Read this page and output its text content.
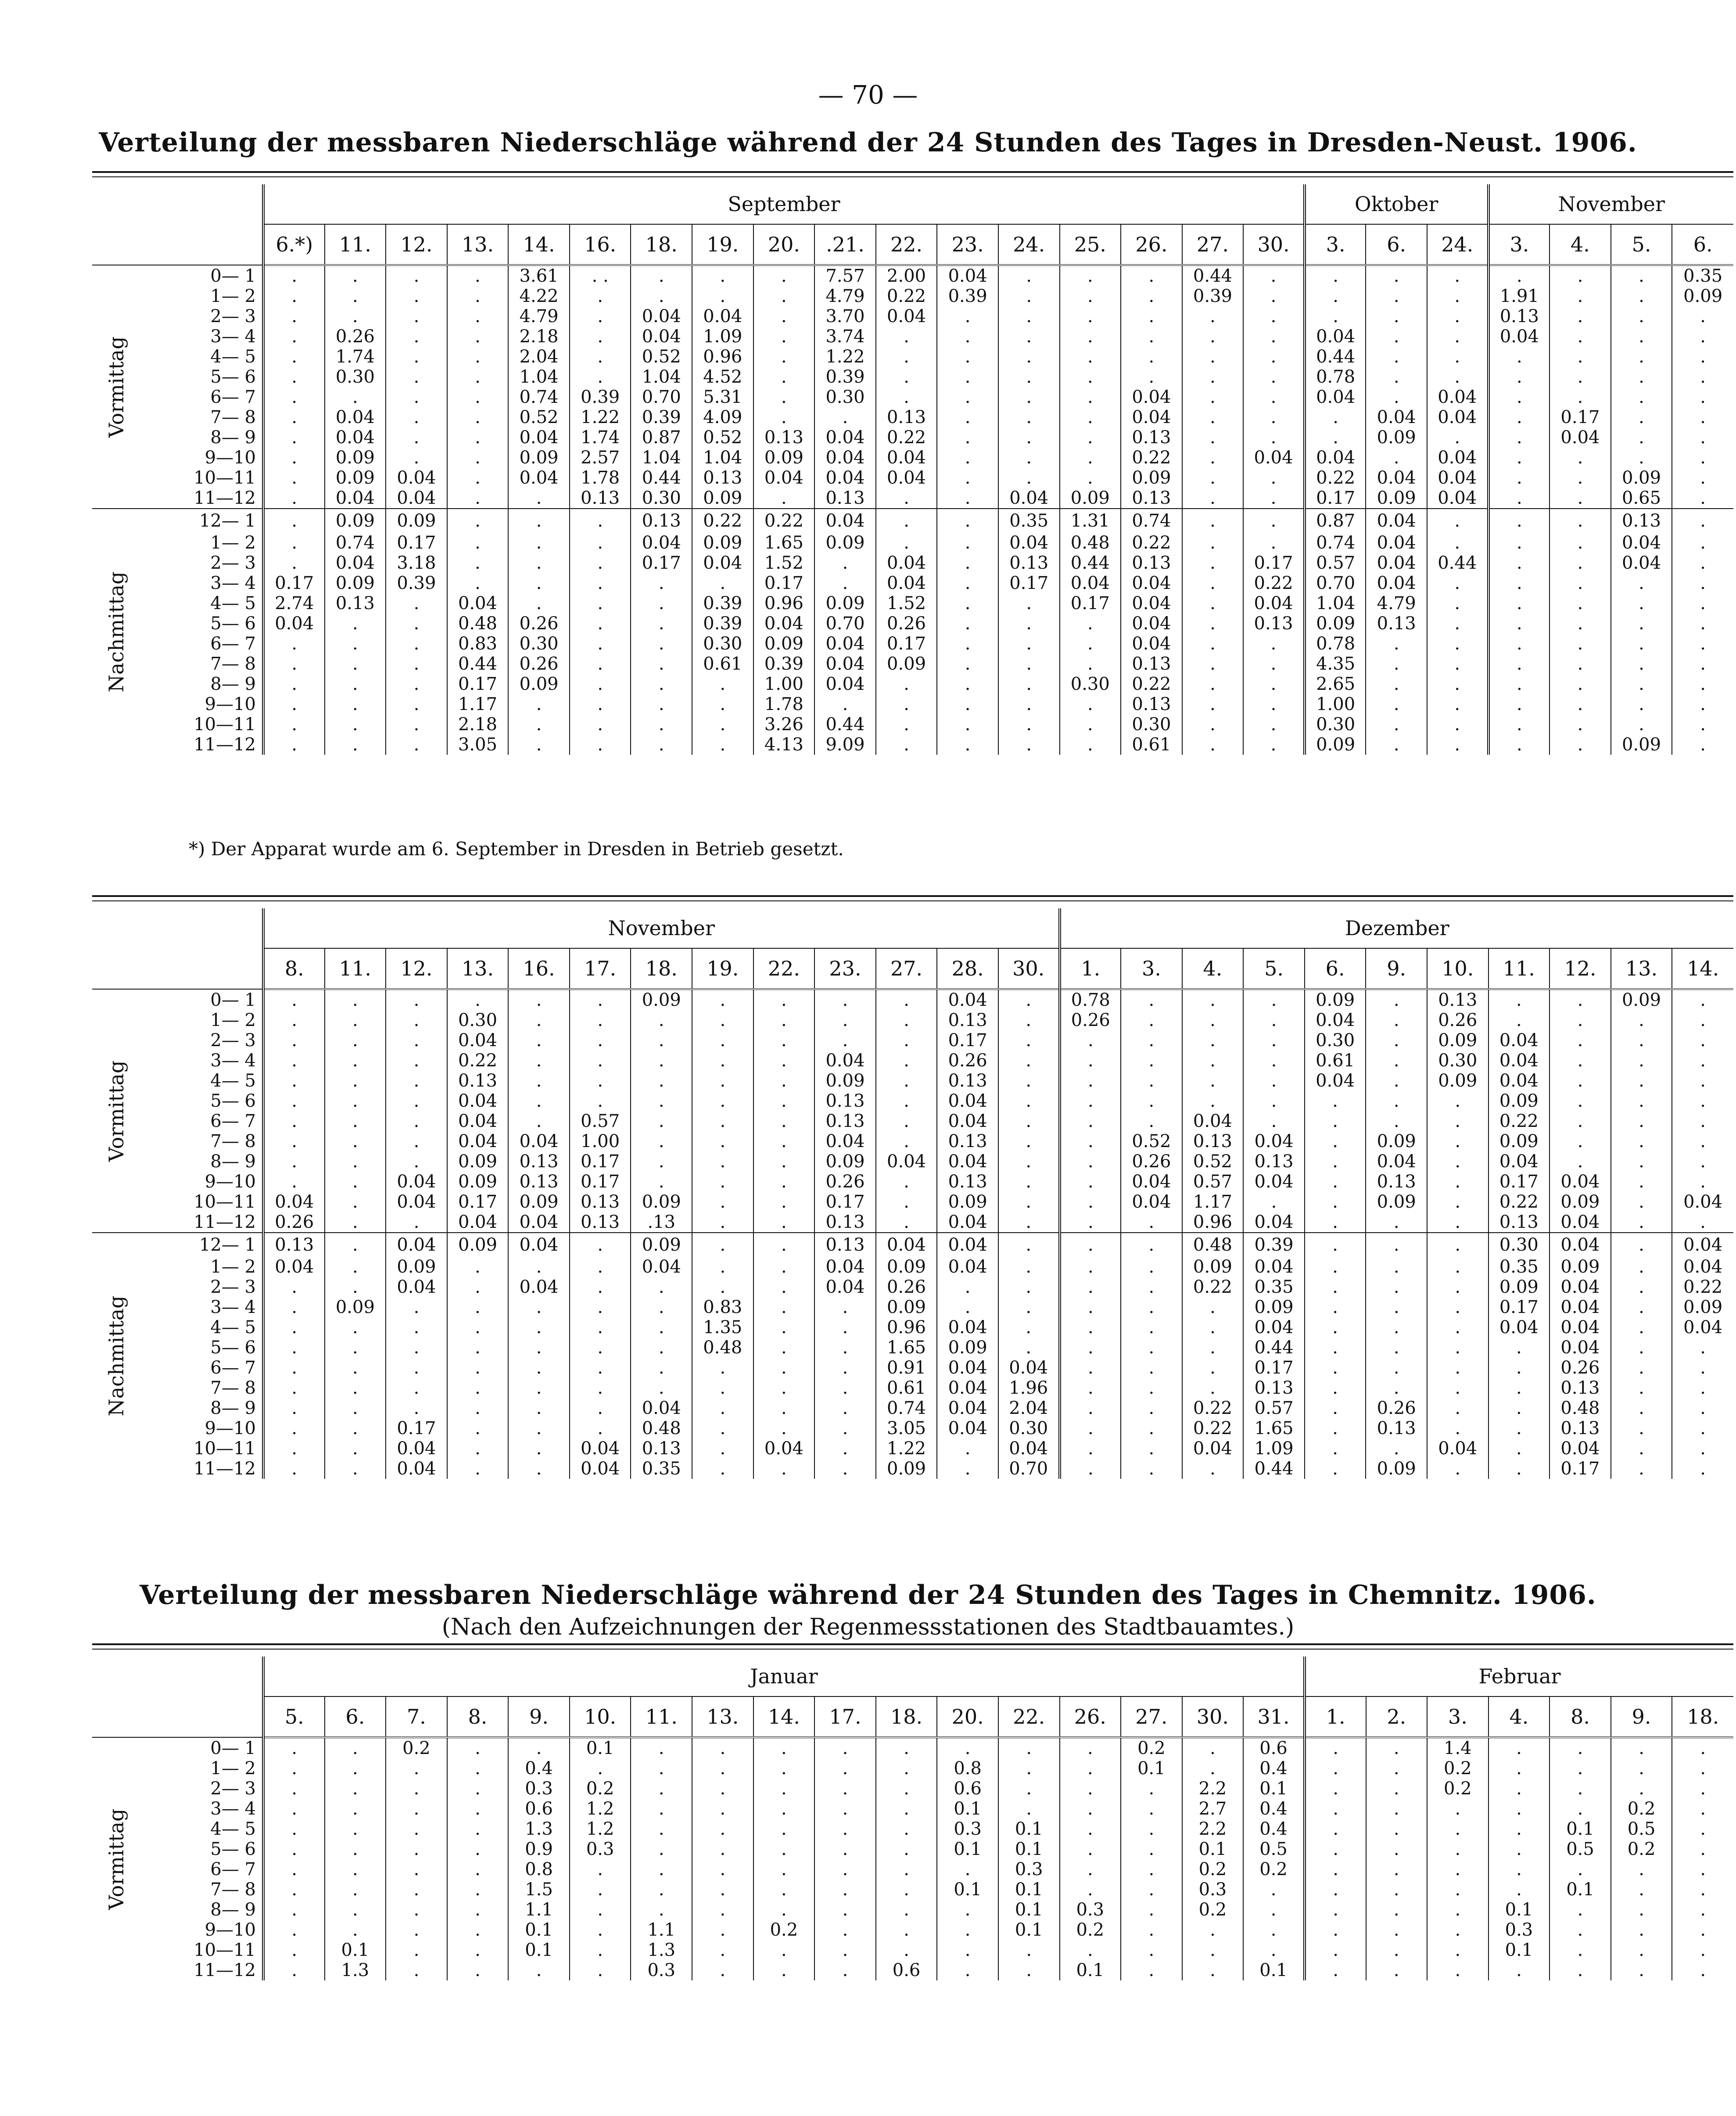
— 70 —
Verteilung der messbaren Niederschläge während der 24 Stunden des Tages in Dresden-Neust. 1906.
		September																	Oktober			November			
		6.*)	11.	12.	13.	14.	16.	18.	19.	20.	.21.	22.	23.	24.	25.	26.	27.	30.	3.	6.	24.	3.	4.	5.	6.

Vormittag	0— 1	.	.	.	.	3.61	. .	.	.	.	7.57	2.00	0.04	.	.	.	0.44	.	.	.	.	.	.	.	0.35
	1— 2	.	.	.	.	4.22	.	.	.	.	4.79	0.22	0.39	.	.	.	0.39	.	.	.	.	1.91	.	.	0.09
	2— 3	.	.	.	.	4.79	.	0.04	0.04	.	3.70	0.04	.	.	.	.	.	.	.	.	.	0.13	.	.	.
	3— 4	.	0.26	.	.	2.18	.	0.04	1.09	.	3.74	.	.	.	.	.	.	.	0.04	.	.	0.04	.	.	.
	4— 5	.	1.74	.	.	2.04	.	0.52	0.96	.	1.22	.	.	.	.	.	.	.	0.44	.	.	.	.	.	.
	5— 6	.	0.30	.	.	1.04	.	1.04	4.52	.	0.39	.	.	.	.	.	.	.	0.78	.	.	.	.	.	.
	6— 7	.	.	.	.	0.74	0.39	0.70	5.31	.	0.30	.	.	.	.	0.04	.	.	0.04	.	0.04	.	.	.	.
	7— 8	.	0.04	.	.	0.52	1.22	0.39	4.09	.	.	0.13	.	.	.	0.04	.	.	.	0.04	0.04	.	0.17	.	.
	8— 9	.	0.04	.	.	0.04	1.74	0.87	0.52	0.13	0.04	0.22	.	.	.	0.13	.	.	.	0.09	.	.	0.04	.	.
	9—10	.	0.09	.	.	0.09	2.57	1.04	1.04	0.09	0.04	0.04	.	.	.	0.22	.	0.04	0.04	.	0.04	.	.	.	.
	10—11	.	0.09	0.04	.	0.04	1.78	0.44	0.13	0.04	0.04	0.04	.	.	.	0.09	.	.	0.22	0.04	0.04	.	.	0.09	.
	11—12	.	0.04	0.04	.	.	0.13	0.30	0.09	.	0.13	.	.	0.04	0.09	0.13	.	.	0.17	0.09	0.04	.	.	0.65	.

Nachmittag	12— 1	.	0.09	0.09	.	.	.	0.13	0.22	0.22	0.04	.	.	0.35	1.31	0.74	.	.	0.87	0.04	.	.	.	0.13	.
	1— 2	.	0.74	0.17	.	.	.	0.04	0.09	1.65	0.09	.	.	0.04	0.48	0.22	.	.	0.74	0.04	.	.	.	0.04	.
	2— 3	.	0.04	3.18	.	.	.	0.17	0.04	1.52	.	0.04	.	0.13	0.44	0.13	.	0.17	0.57	0.04	0.44	.	.	0.04	.
	3— 4	0.17	0.09	0.39	.	.	.	.	.	0.17	.	0.04	.	0.17	0.04	0.04	.	0.22	0.70	0.04	.	.	.	.	.
	4— 5	2.74	0.13	.	0.04	.	.	.	0.39	0.96	0.09	1.52	.	.	0.17	0.04	.	0.04	1.04	4.79	.	.	.	.	.
	5— 6	0.04	.	.	0.48	0.26	.	.	0.39	0.04	0.70	0.26	.	.	.	0.04	.	0.13	0.09	0.13	.	.	.	.	.
	6— 7	.	.	.	0.83	0.30	.	.	0.30	0.09	0.04	0.17	.	.	.	0.04	.	.	0.78	.	.	.	.	.	.
	7— 8	.	.	.	0.44	0.26	.	.	0.61	0.39	0.04	0.09	.	.	.	0.13	.	.	4.35	.	.	.	.	.	.
	8— 9	.	.	.	0.17	0.09	.	.	.	1.00	0.04	.	.	.	0.30	0.22	.	.	2.65	.	.	.	.	.	.
	9—10	.	.	.	1.17	.	.	.	.	1.78	.	.	.	.	.	0.13	.	.	1.00	.	.	.	.	.	.
	10—11	.	.	.	2.18	.	.	.	.	3.26	0.44	.	.	.	.	0.30	.	.	0.30	.	.	.	.	.	.
	11—12	.	.	.	3.05	.	.	.	.	4.13	9.09	.	.	.	.	0.61	.	.	0.09	.	.	.	.	0.09	.
*) Der Apparat wurde am 6. September in Dresden in Betrieb gesetzt.
		November													Dezember										
		8.	11.	12.	13.	16.	17.	18.	19.	22.	23.	27.	28.	30.	1.	3.	4.	5.	6.	9.	10.	11.	12.	13.	14.

Vormittag	0— 1	.	.	.	.	.	.	0.09	.	.	.	.	0.04	.	0.78	.	.	.	0.09	.	0.13	.	.	0.09	.
	1— 2	.	.	.	0.30	.	.	.	.	.	.	.	0.13	.	0.26	.	.	.	0.04	.	0.26	.	.	.	.
	2— 3	.	.	.	0.04	.	.	.	.	.	.	.	0.17	.	.	.	.	.	0.30	.	0.09	0.04	.	.	.
	3— 4	.	.	.	0.22	.	.	.	.	.	0.04	.	0.26	.	.	.	.	.	0.61	.	0.30	0.04	.	.	.
	4— 5	.	.	.	0.13	.	.	.	.	.	0.09	.	0.13	.	.	.	.	.	0.04	.	0.09	0.04	.	.	.
	5— 6	.	.	.	0.04	.	.	.	.	.	0.13	.	0.04	.	.	.	.	.	.	.	.	0.09	.	.	.
	6— 7	.	.	.	0.04	.	0.57	.	.	.	0.13	.	0.04	.	.	.	0.04	.	.	.	.	0.22	.	.	.
	7— 8	.	.	.	0.04	0.04	1.00	.	.	.	0.04	.	0.13	.	.	0.52	0.13	0.04	.	0.09	.	0.09	.	.	.
	8— 9	.	.	.	0.09	0.13	0.17	.	.	.	0.09	0.04	0.04	.	.	0.26	0.52	0.13	.	0.04	.	0.04	.	.	.
	9—10	.	.	0.04	0.09	0.13	0.17	.	.	.	0.26	.	0.13	.	.	0.04	0.57	0.04	.	0.13	.	0.17	0.04	.	.
	10—11	0.04	.	0.04	0.17	0.09	0.13	0.09	.	.	0.17	.	0.09	.	.	0.04	1.17	.	.	0.09	.	0.22	0.09	.	0.04
	11—12	0.26	.	.	0.04	0.04	0.13	.13	.	.	0.13	.	0.04	.	.	.	0.96	0.04	.	.	.	0.13	0.04	.	.

Nachmittag	12— 1	0.13	.	0.04	0.09	0.04	.	0.09	.	.	0.13	0.04	0.04	.	.	.	0.48	0.39	.	.	.	0.30	0.04	.	0.04
	1— 2	0.04	.	0.09	.	.	.	0.04	.	.	0.04	0.09	0.04	.	.	.	0.09	0.04	.	.	.	0.35	0.09	.	0.04
	2— 3	.	.	0.04	.	0.04	.	.	.	.	0.04	0.26	.	.	.	.	0.22	0.35	.	.	.	0.09	0.04	.	0.22
	3— 4	.	0.09	.	.	.	.	.	0.83	.	.	0.09	.	.	.	.	.	0.09	.	.	.	0.17	0.04	.	0.09
	4— 5	.	.	.	.	.	.	.	1.35	.	.	0.96	0.04	.	.	.	.	0.04	.	.	.	0.04	0.04	.	0.04
	5— 6	.	.	.	.	.	.	.	0.48	.	.	1.65	0.09	.	.	.	.	0.44	.	.	.	.	0.04	.	.
	6— 7	.	.	.	.	.	.	.	.	.	.	0.91	0.04	0.04	.	.	.	0.17	.	.	.	.	0.26	.	.
	7— 8	.	.	.	.	.	.	.	.	.	.	0.61	0.04	1.96	.	.	.	0.13	.	.	.	.	0.13	.	.
	8— 9	.	.	.	.	.	.	0.04	.	.	.	0.74	0.04	2.04	.	.	0.22	0.57	.	0.26	.	.	0.48	.	.
	9—10	.	.	0.17	.	.	.	0.48	.	.	.	3.05	0.04	0.30	.	.	0.22	1.65	.	0.13	.	.	0.13	.	.
	10—11	.	.	0.04	.	.	0.04	0.13	.	0.04	.	1.22	.	0.04	.	.	0.04	1.09	.	.	0.04	.	0.04	.	.
	11—12	.	.	0.04	.	.	0.04	0.35	.	.	.	0.09	.	0.70	.	.	.	0.44	.	0.09	.	.	0.17	.	.
Verteilung der messbaren Niederschläge während der 24 Stunden des Tages in Chemnitz. 1906.
(Nach den Aufzeichnungen der Regenmessstationen des Stadtbauamtes.)
		Januar																	Februar						
		5.	6.	7.	8.	9.	10.	11.	13.	14.	17.	18.	20.	22.	26.	27.	30.	31.	1.	2.	3.	4.	8.	9.	18.

Vormittag	0— 1	.	.	0.2	.	.	0.1	.	.	.	.	.	.	.	.	0.2	.	0.6	.	.	1.4	.	.	.	.
	1— 2	.	.	.	.	0.4	.	.	.	.	.	.	0.8	.	.	0.1	.	0.4	.	.	0.2	.	.	.	.
	2— 3	.	.	.	.	0.3	0.2	.	.	.	.	.	0.6	.	.	.	2.2	0.1	.	.	0.2	.	.	.	.
	3— 4	.	.	.	.	0.6	1.2	.	.	.	.	.	0.1	.	.	.	2.7	0.4	.	.	.	.	.	0.2	.
	4— 5	.	.	.	.	1.3	1.2	.	.	.	.	.	0.3	0.1	.	.	2.2	0.4	.	.	.	.	0.1	0.5	.
	5— 6	.	.	.	.	0.9	0.3	.	.	.	.	.	0.1	0.1	.	.	0.1	0.5	.	.	.	.	0.5	0.2	.
	6— 7	.	.	.	.	0.8	.	.	.	.	.	.	.	0.3	.	.	0.2	0.2	.	.	.	.	.	.	.
	7— 8	.	.	.	.	1.5	.	.	.	.	.	.	0.1	0.1	.	.	0.3	.	.	.	.	.	0.1	.	.
	8— 9	.	.	.	.	1.1	.	.	.	.	.	.	.	0.1	0.3	.	0.2	.	.	.	.	0.1	.	.	.
	9—10	.	.	.	.	0.1	.	1.1	.	0.2	.	.	.	0.1	0.2	.	.	.	.	.	.	0.3	.	.	.
	10—11	.	0.1	.	.	0.1	.	1.3	.	.	.	.	.	.	.	.	.	.	.	.	.	0.1	.	.	.
	11—12	.	1.3	.	.	.	.	0.3	.	.	.	0.6	.	.	0.1	.	.	0.1	.	.	.	.	.	.	.
